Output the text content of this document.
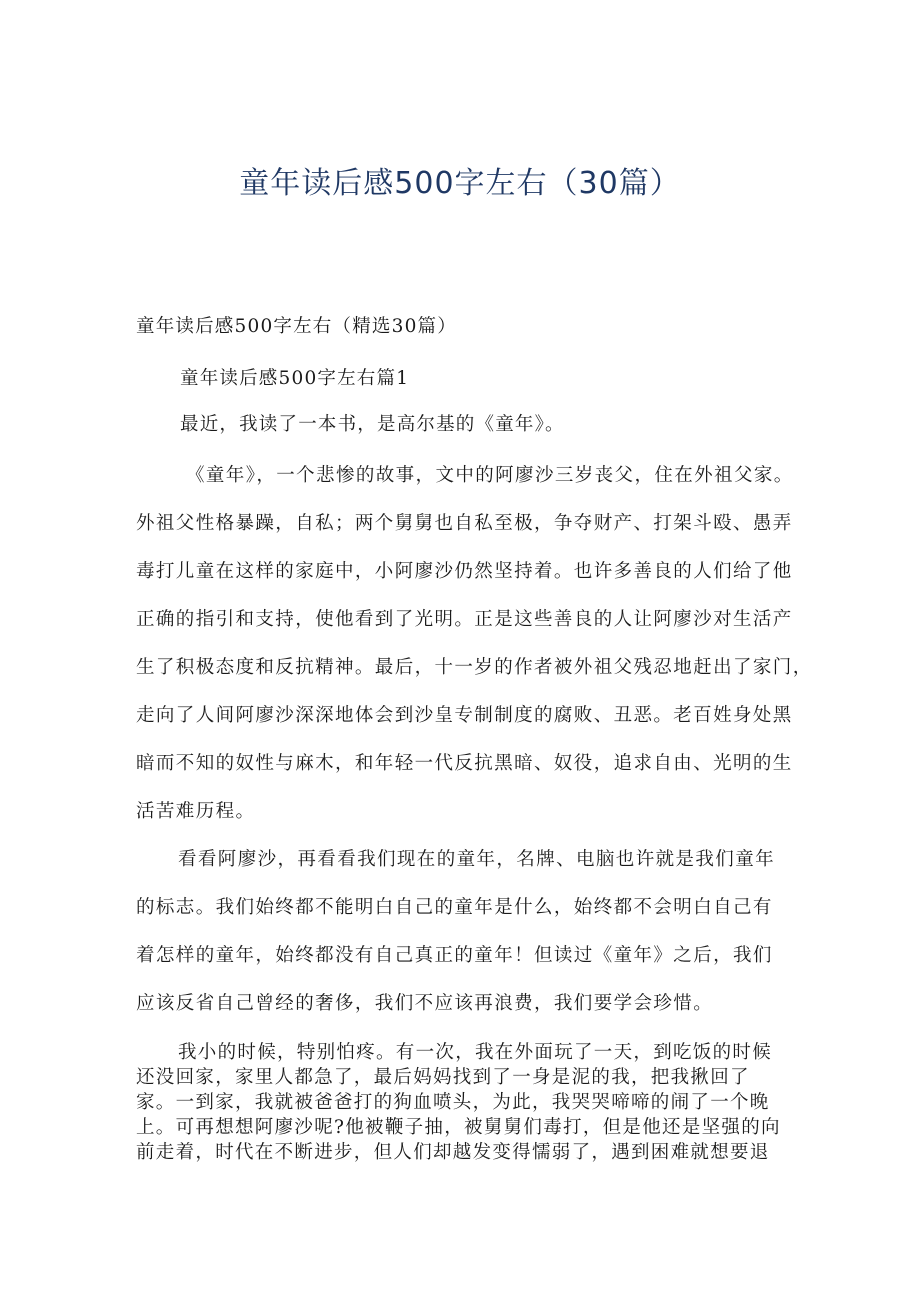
童年读后感500字左右（30篇）

童年读后感500字左右（精选30篇）

童年读后感500字左右篇1

最近，我读了一本书，是高尔基的《童年》。

《童年》，一个悲惨的故事，文中的阿廖沙三岁丧父，住在外祖父家。
外祖父性格暴躁，自私；两个舅舅也自私至极，争夺财产、打架斗殴、愚弄
毒打儿童在这样的家庭中，小阿廖沙仍然坚持着。也许多善良的人们给了他
正确的指引和支持，使他看到了光明。正是这些善良的人让阿廖沙对生活产
生了积极态度和反抗精神。最后，十一岁的作者被外祖父残忍地赶出了家门，
走向了人间阿廖沙深深地体会到沙皇专制制度的腐败、丑恶。老百姓身处黑
暗而不知的奴性与麻木，和年轻一代反抗黑暗、奴役，追求自由、光明的生
活苦难历程。
看看阿廖沙，再看看我们现在的童年，名牌、电脑也许就是我们童年
的标志。我们始终都不能明白自己的童年是什么，始终都不会明白自己有
着怎样的童年，始终都没有自己真正的童年！但读过《童年》之后，我们
应该反省自己曾经的奢侈，我们不应该再浪费，我们要学会珍惜。
我小的时候，特别怕疼。有一次，我在外面玩了一天，到吃饭的时候
还没回家，家里人都急了，最后妈妈找到了一身是泥的我，把我揪回了
家。一到家，我就被爸爸打的狗血喷头，为此，我哭哭啼啼的闹了一个晚
上。可再想想阿廖沙呢?他被鞭子抽，被舅舅们毒打，但是他还是坚强的向
前走着，时代在不断进步，但人们却越发变得懦弱了，遇到困难就想要退
